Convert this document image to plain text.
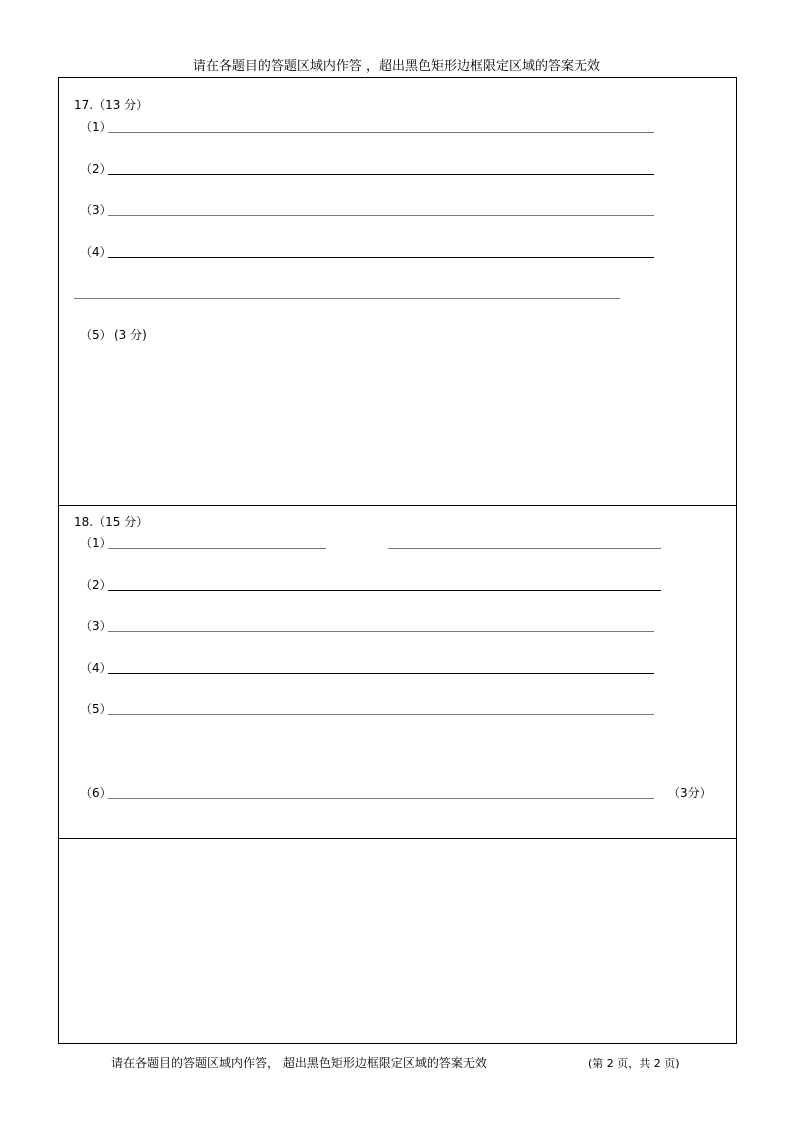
请在各题目的答题区域内作答 ，超出黑色矩形边框限定区域的答案无效
17.（13 分）
（1）
（2）
（3）
（4）
（5） (3 分)
18.（15 分）
（1）
（2）
（3）
（4）
（5）
（6）	（3分）
请在各题目的答题区域内作答， 超出黑色矩形边框限定区域的答案无效	(第 2 页，共 2 页)
